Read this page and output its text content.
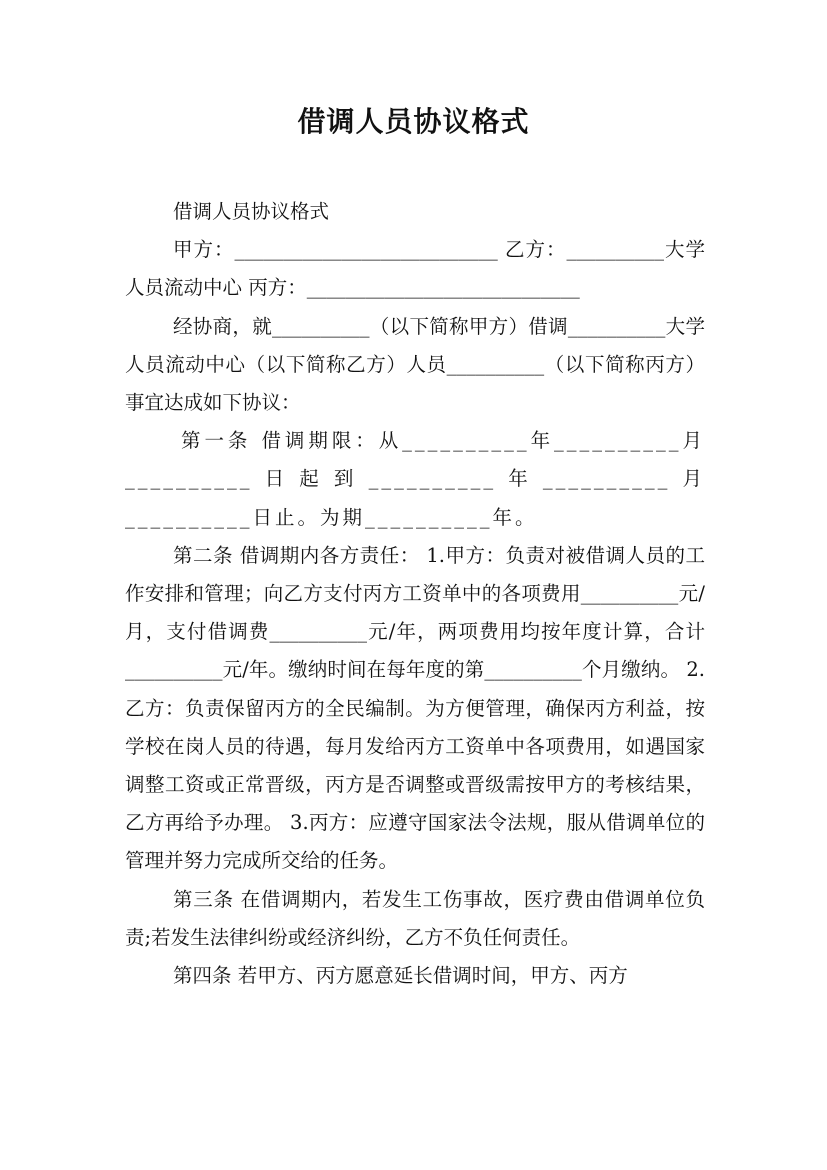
借调人员协议格式

借调人员协议格式

甲方：___________________________ 乙方：__________大学人员流动中心 丙方：____________________________

经协商，就__________（以下简称甲方）借调__________大学人员流动中心（以下简称乙方）人员__________（以下简称丙方）事宜达成如下协议：

第一条 借调期限：从__________年__________月__________日起到__________年__________月__________日止。为期__________年。

第二条 借调期内各方责任： 1.甲方：负责对被借调人员的工作安排和管理；向乙方支付丙方工资单中的各项费用__________元/月，支付借调费__________元/年，两项费用均按年度计算，合计__________元/年。缴纳时间在每年度的第__________个月缴纳。 2.乙方：负责保留丙方的全民编制。为方便管理，确保丙方利益，按学校在岗人员的待遇，每月发给丙方工资单中各项费用，如遇国家调整工资或正常晋级，丙方是否调整或晋级需按甲方的考核结果，乙方再给予办理。 3.丙方：应遵守国家法令法规，服从借调单位的管理并努力完成所交给的任务。

第三条 在借调期内，若发生工伤事故，医疗费由借调单位负责;若发生法律纠纷或经济纠纷，乙方不负任何责任。

第四条 若甲方、丙方愿意延长借调时间，甲方、丙方
